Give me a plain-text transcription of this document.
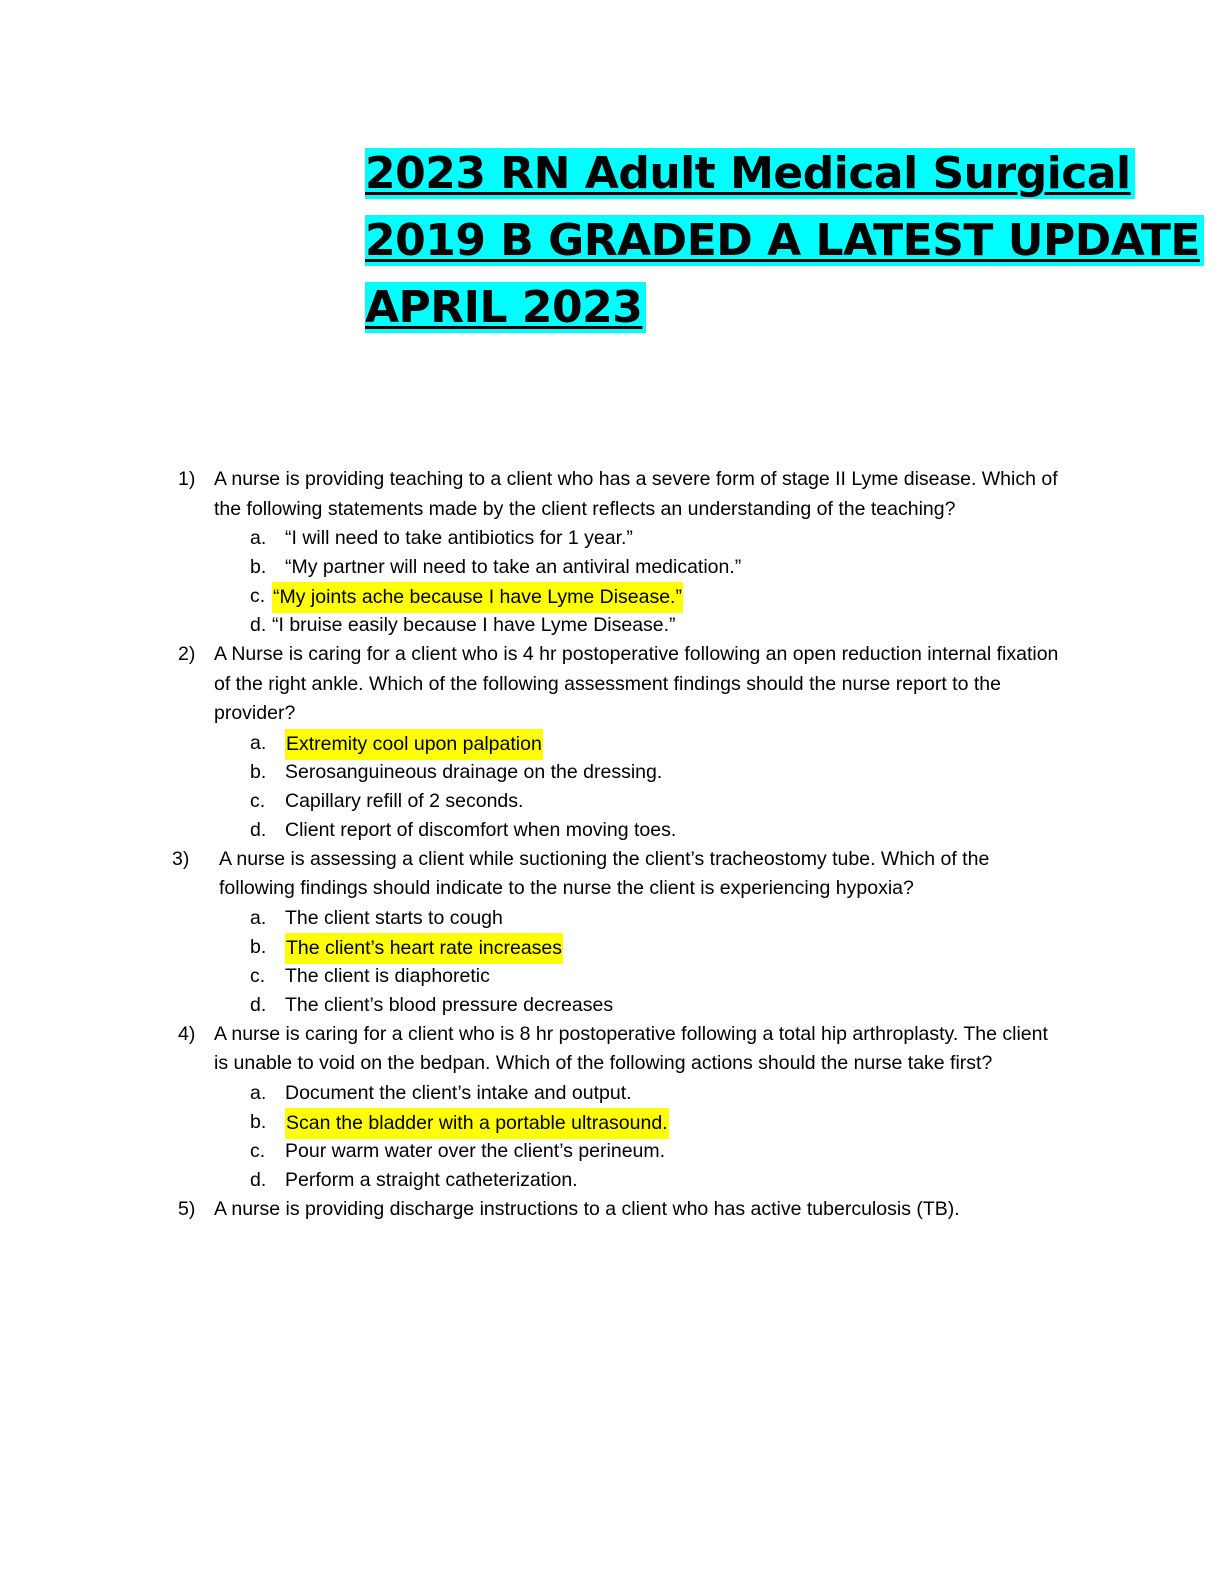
2023 RN Adult Medical Surgical
2019 B GRADED A LATEST UPDATE
APRIL 2023
1) A nurse is providing teaching to a client who has a severe form of stage II Lyme disease. Which of the following statements made by the client reflects an understanding of the teaching?
a. “I will need to take antibiotics for 1 year.”
b. “My partner will need to take an antiviral medication.”
c. “My joints ache because I have Lyme Disease.”
d. “I bruise easily because I have Lyme Disease.”
2) A Nurse is caring for a client who is 4 hr postoperative following an open reduction internal fixation of the right ankle. Which of the following assessment findings should the nurse report to the provider?
a. Extremity cool upon palpation
b. Serosanguineous drainage on the dressing.
c. Capillary refill of 2 seconds.
d. Client report of discomfort when moving toes.
3) A nurse is assessing a client while suctioning the client’s tracheostomy tube. Which of the following findings should indicate to the nurse the client is experiencing hypoxia?
a. The client starts to cough
b. The client’s heart rate increases
c. The client is diaphoretic
d. The client’s blood pressure decreases
4) A nurse is caring for a client who is 8 hr postoperative following a total hip arthroplasty. The client is unable to void on the bedpan. Which of the following actions should the nurse take first?
a. Document the client’s intake and output.
b. Scan the bladder with a portable ultrasound.
c. Pour warm water over the client’s perineum.
d. Perform a straight catheterization.
5) A nurse is providing discharge instructions to a client who has active tuberculosis (TB).
